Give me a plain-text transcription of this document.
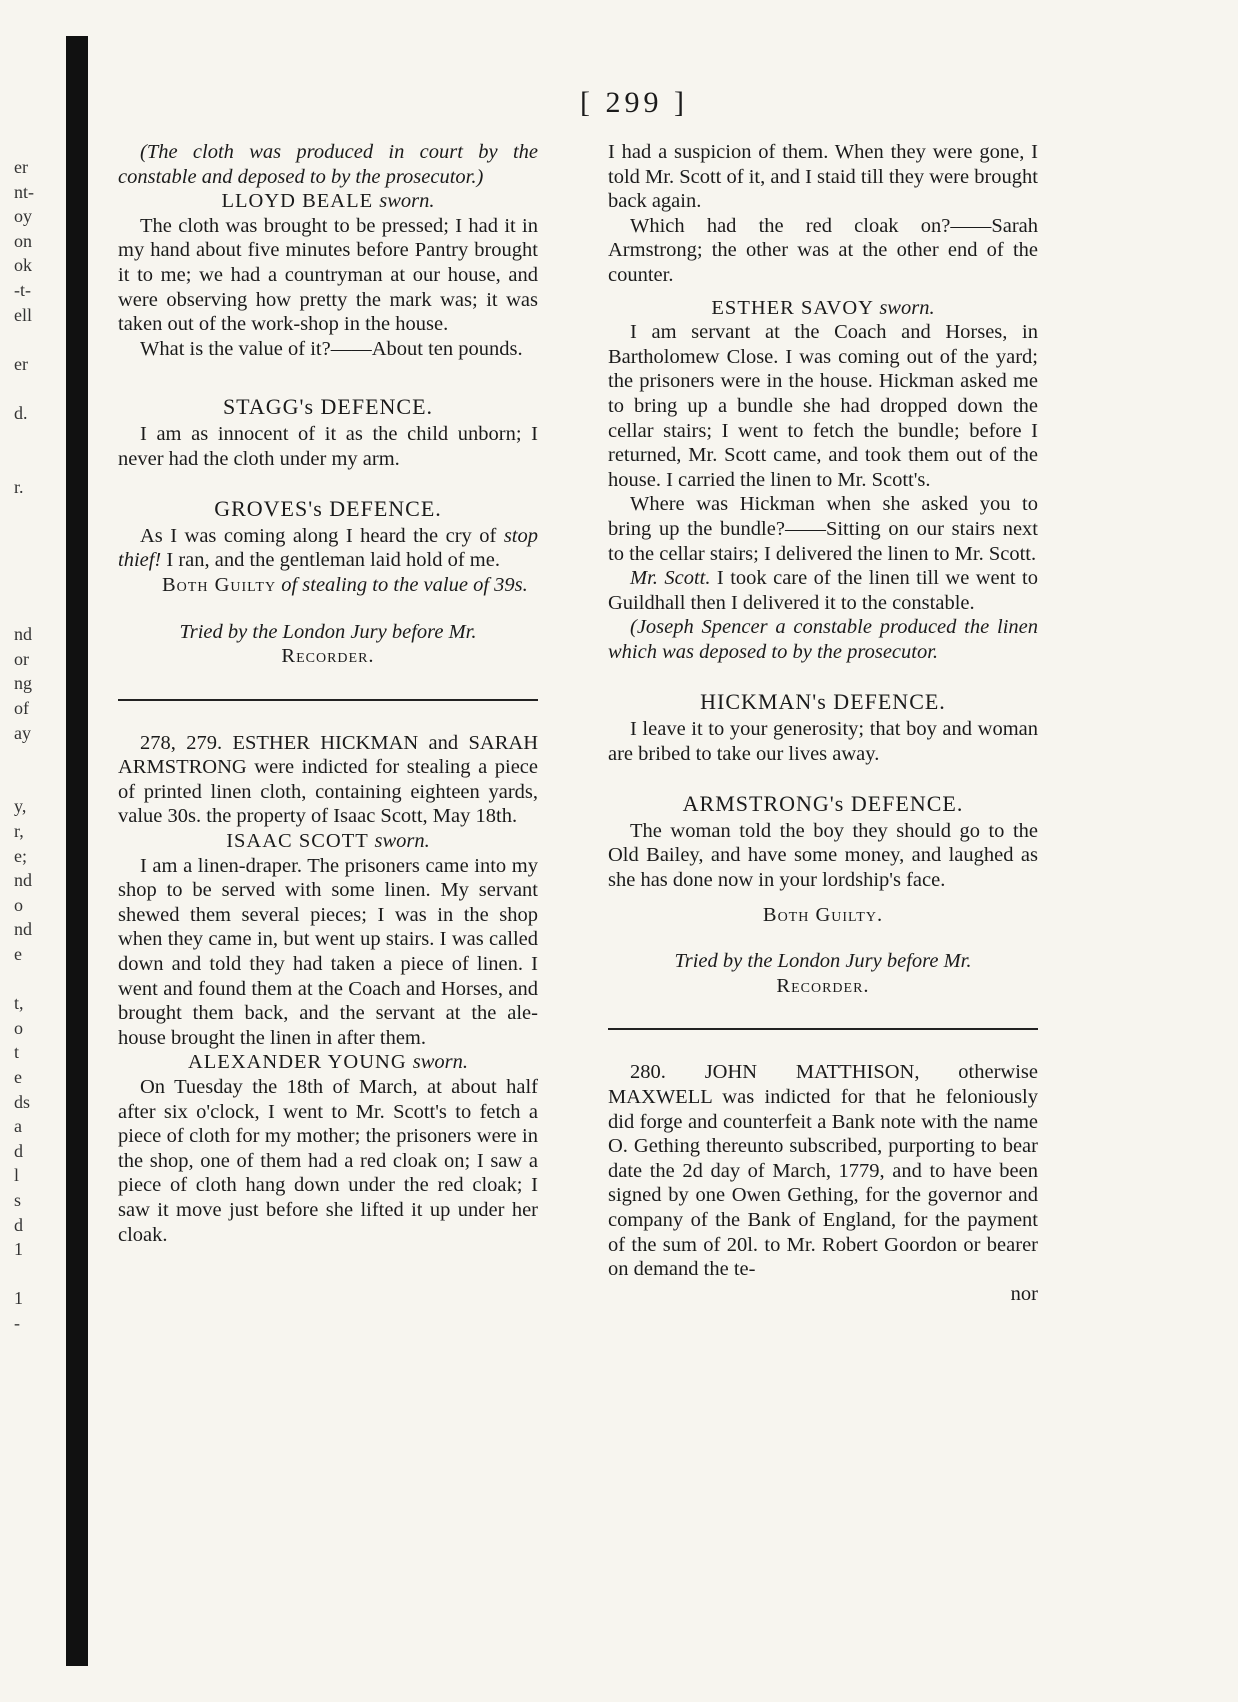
er
nt-
oy
on
ok
-t-
ell
er
d.
r.
nd
or
ng
of
ay
y,
r,
e;
nd
o
nd
e
t,
o
t
e
ds
a
d
l
s
d
1
1
-
[ 299 ]

(The cloth was produced in court by the constable and deposed to by the prosecutor.)

LLOYD BEALE sworn.

The cloth was brought to be pressed; I had it in my hand about five minutes before Pantry brought it to me; we had a countryman at our house, and were observing how pretty the mark was; it was taken out of the work-shop in the house.

What is the value of it?——About ten pounds.

STAGG's DEFENCE.

I am as innocent of it as the child unborn; I never had the cloth under my arm.

GROVES's DEFENCE.

As I was coming along I heard the cry of stop thief! I ran, and the gentleman laid hold of me.

Both Guilty of stealing to the value of 39s.

Tried by the London Jury before Mr.

Recorder.

278, 279. ESTHER HICKMAN and SARAH ARMSTRONG were indicted for stealing a piece of printed linen cloth, containing eighteen yards, value 30s. the property of Isaac Scott, May 18th.

ISAAC SCOTT sworn.

I am a linen-draper. The prisoners came into my shop to be served with some linen. My servant shewed them several pieces; I was in the shop when they came in, but went up stairs. I was called down and told they had taken a piece of linen. I went and found them at the Coach and Horses, and brought them back, and the servant at the ale-house brought the linen in after them.

ALEXANDER YOUNG sworn.

On Tuesday the 18th of March, at about half after six o'clock, I went to Mr. Scott's to fetch a piece of cloth for my mother; the prisoners were in the shop, one of them had a red cloak on; I saw a piece of cloth hang down under the red cloak; I saw it move just before she lifted it up under her cloak.

I had a suspicion of them. When they were gone, I told Mr. Scott of it, and I staid till they were brought back again.

Which had the red cloak on?——Sarah Armstrong; the other was at the other end of the counter.

ESTHER SAVOY sworn.

I am servant at the Coach and Horses, in Bartholomew Close. I was coming out of the yard; the prisoners were in the house. Hickman asked me to bring up a bundle she had dropped down the cellar stairs; I went to fetch the bundle; before I returned, Mr. Scott came, and took them out of the house. I carried the linen to Mr. Scott's.

Where was Hickman when she asked you to bring up the bundle?——Sitting on our stairs next to the cellar stairs; I delivered the linen to Mr. Scott.

Mr. Scott. I took care of the linen till we went to Guildhall then I delivered it to the constable.

(Joseph Spencer a constable produced the linen which was deposed to by the prosecutor.

HICKMAN's DEFENCE.

I leave it to your generosity; that boy and woman are bribed to take our lives away.

ARMSTRONG's DEFENCE.

The woman told the boy they should go to the Old Bailey, and have some money, and laughed as she has done now in your lordship's face.

Both Guilty.

Tried by the London Jury before Mr.

Recorder.

280. JOHN MATTHISON, otherwise MAXWELL was indicted for that he feloniously did forge and counterfeit a Bank note with the name O. Gething thereunto subscribed, purporting to bear date the 2d day of March, 1779, and to have been signed by one Owen Gething, for the governor and company of the Bank of England, for the payment of the sum of 20l. to Mr. Robert Goordon or bearer on demand the te-

nor
